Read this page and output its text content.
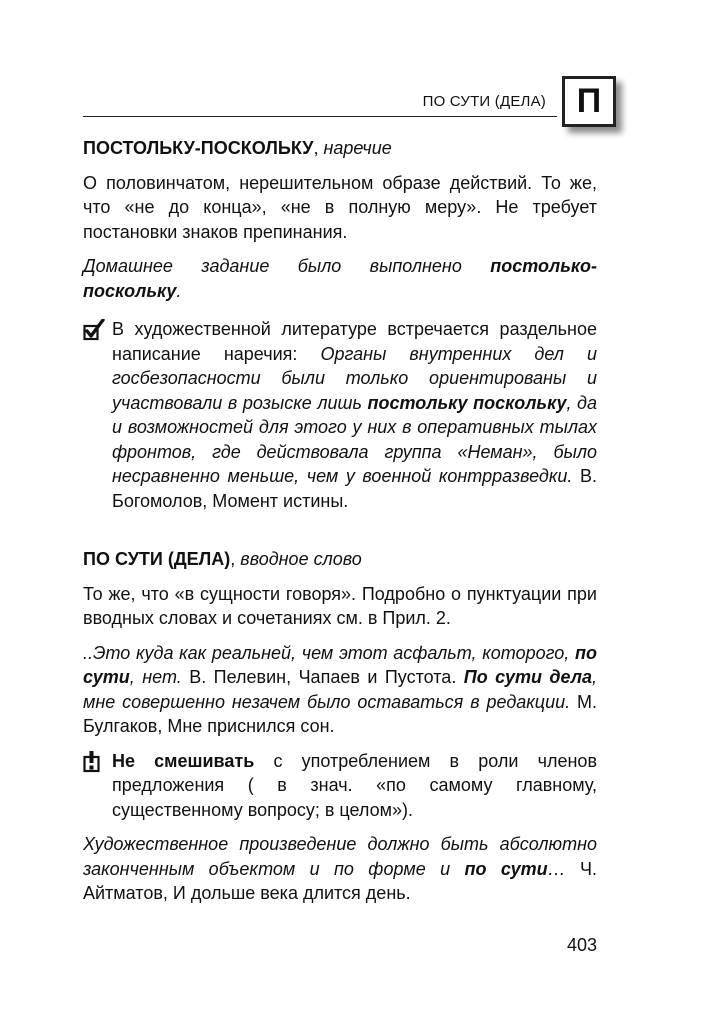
ПО СУТИ (ДЕЛА) П

ПОСТОЛЬКУ-ПОСКОЛЬКУ, наречие

О половинчатом, нерешительном образе действий. То же, что «не до конца», «не в полную меру». Не требует постановки знаков препинания.

Домашнее задание было выполнено постолько-поскольку.

В художественной литературе встречается раздельное написание наречия: Органы внутренних дел и госбезопасности были только ориентированы и участвовали в розыске лишь постольку поскольку, да и возможностей для этого у них в оперативных тылах фронтов, где действовала группа «Неман», было несравненно меньше, чем у военной контрразведки. В. Богомолов, Момент истины.

ПО СУТИ (ДЕЛА), вводное слово

То же, что «в сущности говоря». Подробно о пунктуации при вводных словах и сочетаниях см. в Прил. 2.

..Это куда как реальней, чем этот асфальт, которого, по сути, нет. В. Пелевин, Чапаев и Пустота. По сути дела, мне совершенно незачем было оставаться в редакции. М. Булгаков, Мне приснился сон.

Не смешивать с употреблением в роли членов предложения ( в знач. «по самому главному, существенному вопросу; в целом»).

Художественное произведение должно быть абсолютно законченным объектом и по форме и по сути… Ч. Айтматов, И дольше века длится день.

403
